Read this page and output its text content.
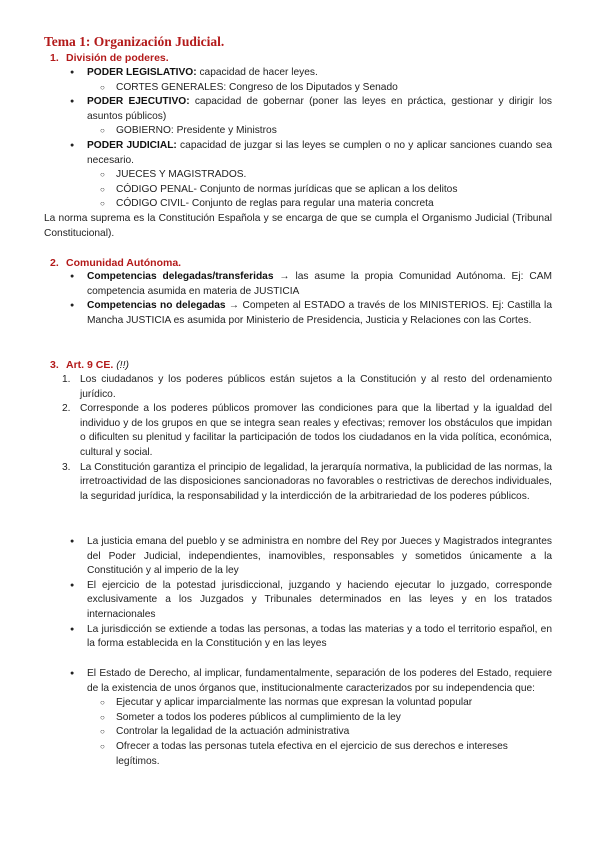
Tema 1: Organización Judicial.
1. División de poderes.
● PODER LEGISLATIVO: capacidad de hacer leyes.
○ CORTES GENERALES: Congreso de los Diputados y Senado
● PODER EJECUTIVO: capacidad de gobernar (poner las leyes en práctica, gestionar y dirigir los asuntos públicos)
○ GOBIERNO: Presidente y Ministros
● PODER JUDICIAL: capacidad de juzgar si las leyes se cumplen o no y aplicar sanciones cuando sea necesario.
○ JUECES Y MAGISTRADOS.
○ CÓDIGO PENAL- Conjunto de normas jurídicas que se aplican a los delitos
○ CÓDIGO CIVIL- Conjunto de reglas para regular una materia concreta
La norma suprema es la Constitución Española y se encarga de que se cumpla el Organismo Judicial (Tribunal Constitucional).
2. Comunidad Autónoma.
● Competencias delegadas/transferidas → las asume la propia Comunidad Autónoma. Ej: CAM competencia asumida en materia de JUSTICIA
● Competencias no delegadas → Competen al ESTADO a través de los MINISTERIOS. Ej: Castilla la Mancha JUSTICIA es asumida por Ministerio de Presidencia, Justicia y Relaciones con las Cortes.
3. Art. 9 CE. (!!)
1. Los ciudadanos y los poderes públicos están sujetos a la Constitución y al resto del ordenamiento jurídico.
2. Corresponde a los poderes públicos promover las condiciones para que la libertad y la igualdad del individuo y de los grupos en que se integra sean reales y efectivas; remover los obstáculos que impidan o dificulten su plenitud y facilitar la participación de todos los ciudadanos en la vida política, económica, cultural y social.
3. La Constitución garantiza el principio de legalidad, la jerarquía normativa, la publicidad de las normas, la irretroactividad de las disposiciones sancionadoras no favorables o restrictivas de derechos individuales, la seguridad jurídica, la responsabilidad y la interdicción de la arbitrariedad de los poderes públicos.
● La justicia emana del pueblo y se administra en nombre del Rey por Jueces y Magistrados integrantes del Poder Judicial, independientes, inamovibles, responsables y sometidos únicamente a la Constitución y al imperio de la ley
● El ejercicio de la potestad jurisdiccional, juzgando y haciendo ejecutar lo juzgado, corresponde exclusivamente a los Juzgados y Tribunales determinados en las leyes y en los tratados internacionales
● La jurisdicción se extiende a todas las personas, a todas las materias y a todo el territorio español, en la forma establecida en la Constitución y en las leyes
● El Estado de Derecho, al implicar, fundamentalmente, separación de los poderes del Estado, requiere de la existencia de unos órganos que, institucionalmente caracterizados por su independencia que:
○ Ejecutar y aplicar imparcialmente las normas que expresan la voluntad popular
○ Someter a todos los poderes públicos al cumplimiento de la ley
○ Controlar la legalidad de la actuación administrativa
○ Ofrecer a todas las personas tutela efectiva en el ejercicio de sus derechos e intereses legítimos.
